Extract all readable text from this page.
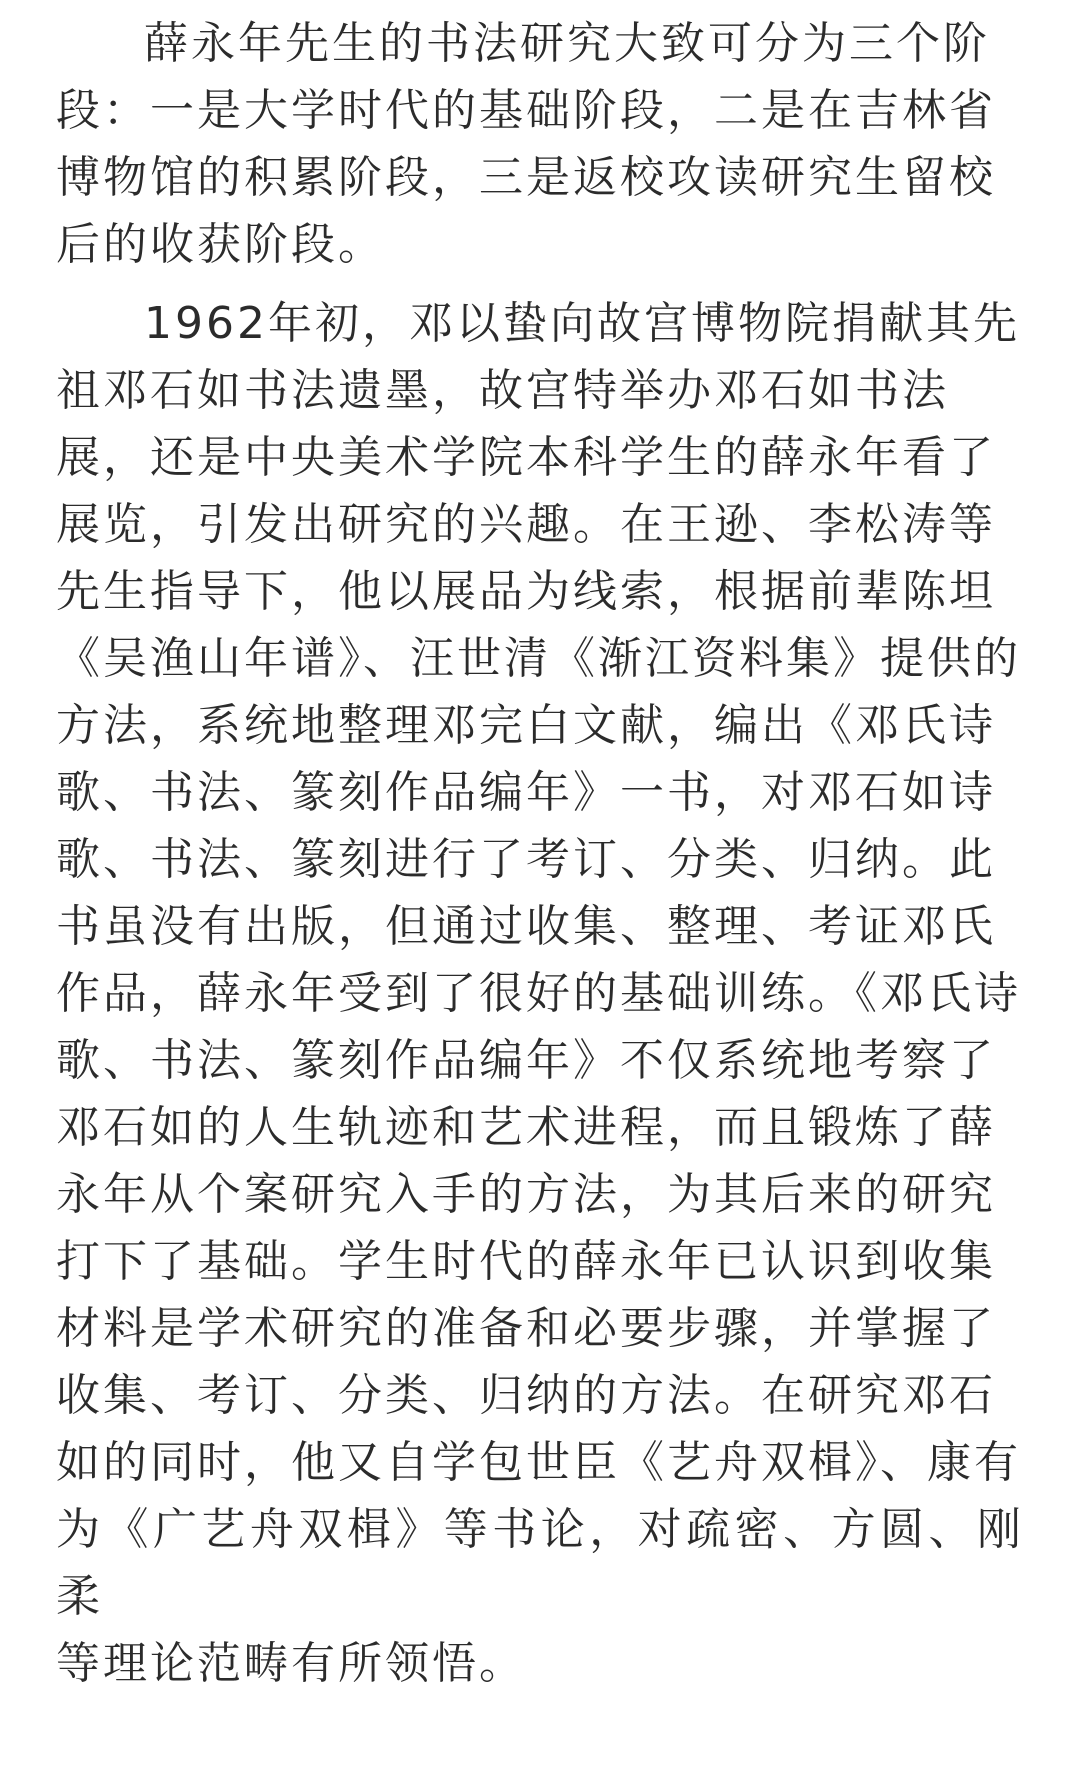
薛永年先生的书法研究大致可分为三个阶
段：一是大学时代的基础阶段，二是在吉林省
博物馆的积累阶段，三是返校攻读研究生留校
后的收获阶段。

1962年初，邓以蛰向故宫博物院捐献其先
祖邓石如书法遗墨，故宫特举办邓石如书法
展，还是中央美术学院本科学生的薛永年看了
展览，引发出研究的兴趣。在王逊、李松涛等
先生指导下，他以展品为线索，根据前辈陈坦
《吴渔山年谱》、汪世清《渐江资料集》提供的
方法，系统地整理邓完白文献，编出《邓氏诗
歌、书法、篆刻作品编年》一书，对邓石如诗
歌、书法、篆刻进行了考订、分类、归纳。此
书虽没有出版，但通过收集、整理、考证邓氏
作品，薛永年受到了很好的基础训练。《邓氏诗
歌、书法、篆刻作品编年》不仅系统地考察了
邓石如的人生轨迹和艺术进程，而且锻炼了薛
永年从个案研究入手的方法，为其后来的研究
打下了基础。学生时代的薛永年已认识到收集
材料是学术研究的准备和必要步骤，并掌握了
收集、考订、分类、归纳的方法。在研究邓石
如的同时，他又自学包世臣《艺舟双楫》、康有
为《广艺舟双楫》等书论，对疏密、方圆、刚柔
等理论范畴有所领悟。
